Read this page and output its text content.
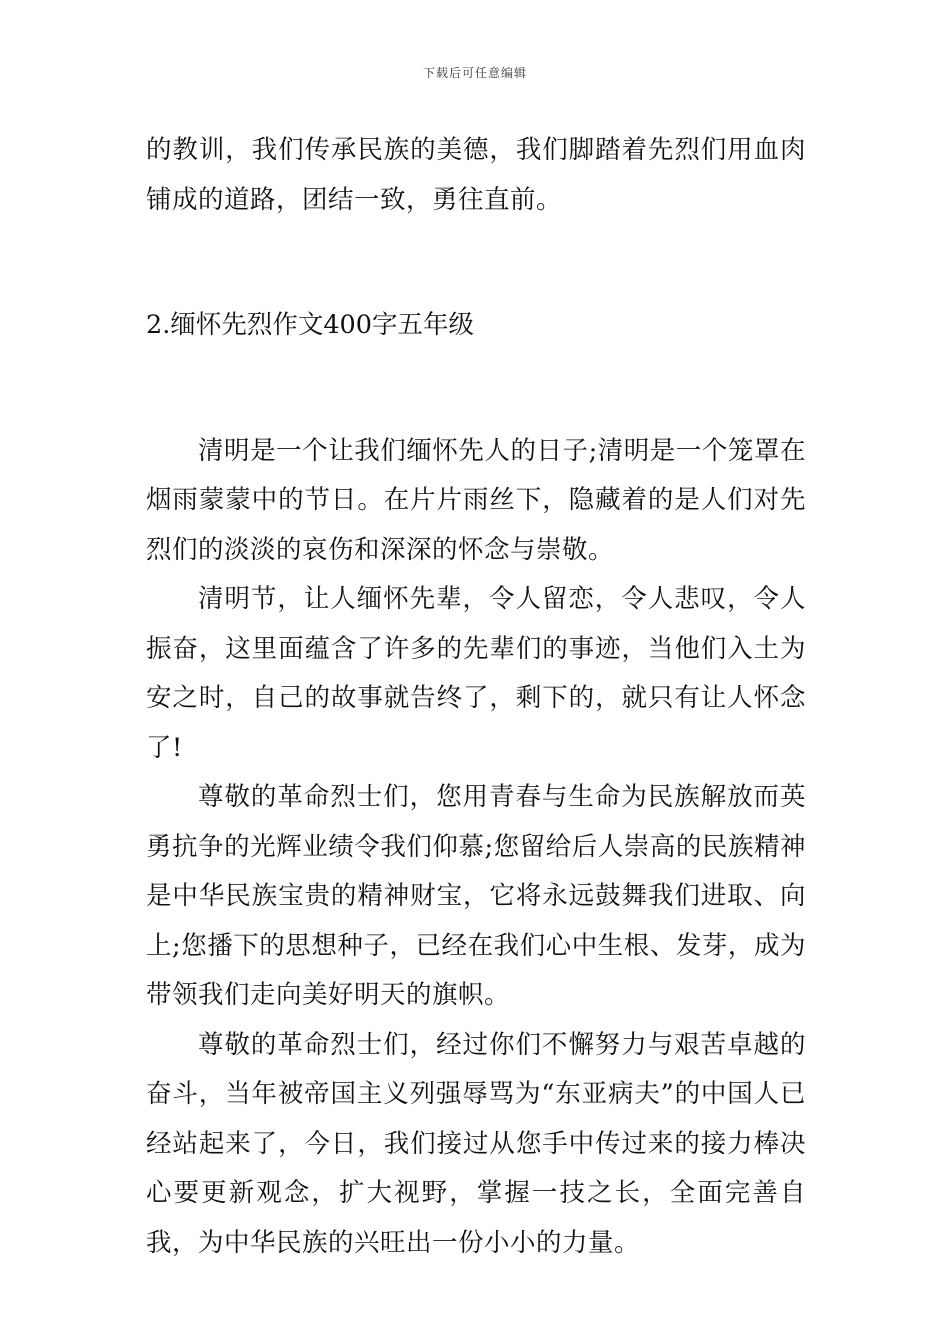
下载后可任意编辑

的教训，我们传承民族的美德，我们脚踏着先烈们用血肉铺成的道路，团结一致，勇往直前。

2.缅怀先烈作文400字五年级

清明是一个让我们缅怀先人的日子;清明是一个笼罩在烟雨蒙蒙中的节日。在片片雨丝下，隐藏着的是人们对先烈们的淡淡的哀伤和深深的怀念与崇敬。

清明节，让人缅怀先辈，令人留恋，令人悲叹，令人振奋，这里面蕴含了许多的先辈们的事迹，当他们入土为安之时，自己的故事就告终了，剩下的，就只有让人怀念了!

尊敬的革命烈士们，您用青春与生命为民族解放而英勇抗争的光辉业绩令我们仰慕;您留给后人崇高的民族精神是中华民族宝贵的精神财宝，它将永远鼓舞我们进取、向上;您播下的思想种子，已经在我们心中生根、发芽，成为带领我们走向美好明天的旗帜。

尊敬的革命烈士们，经过你们不懈努力与艰苦卓越的奋斗，当年被帝国主义列强辱骂为“东亚病夫”的中国人已经站起来了，今日，我们接过从您手中传过来的接力棒决心要更新观念，扩大视野，掌握一技之长，全面完善自我，为中华民族的兴旺出一份小小的力量。
